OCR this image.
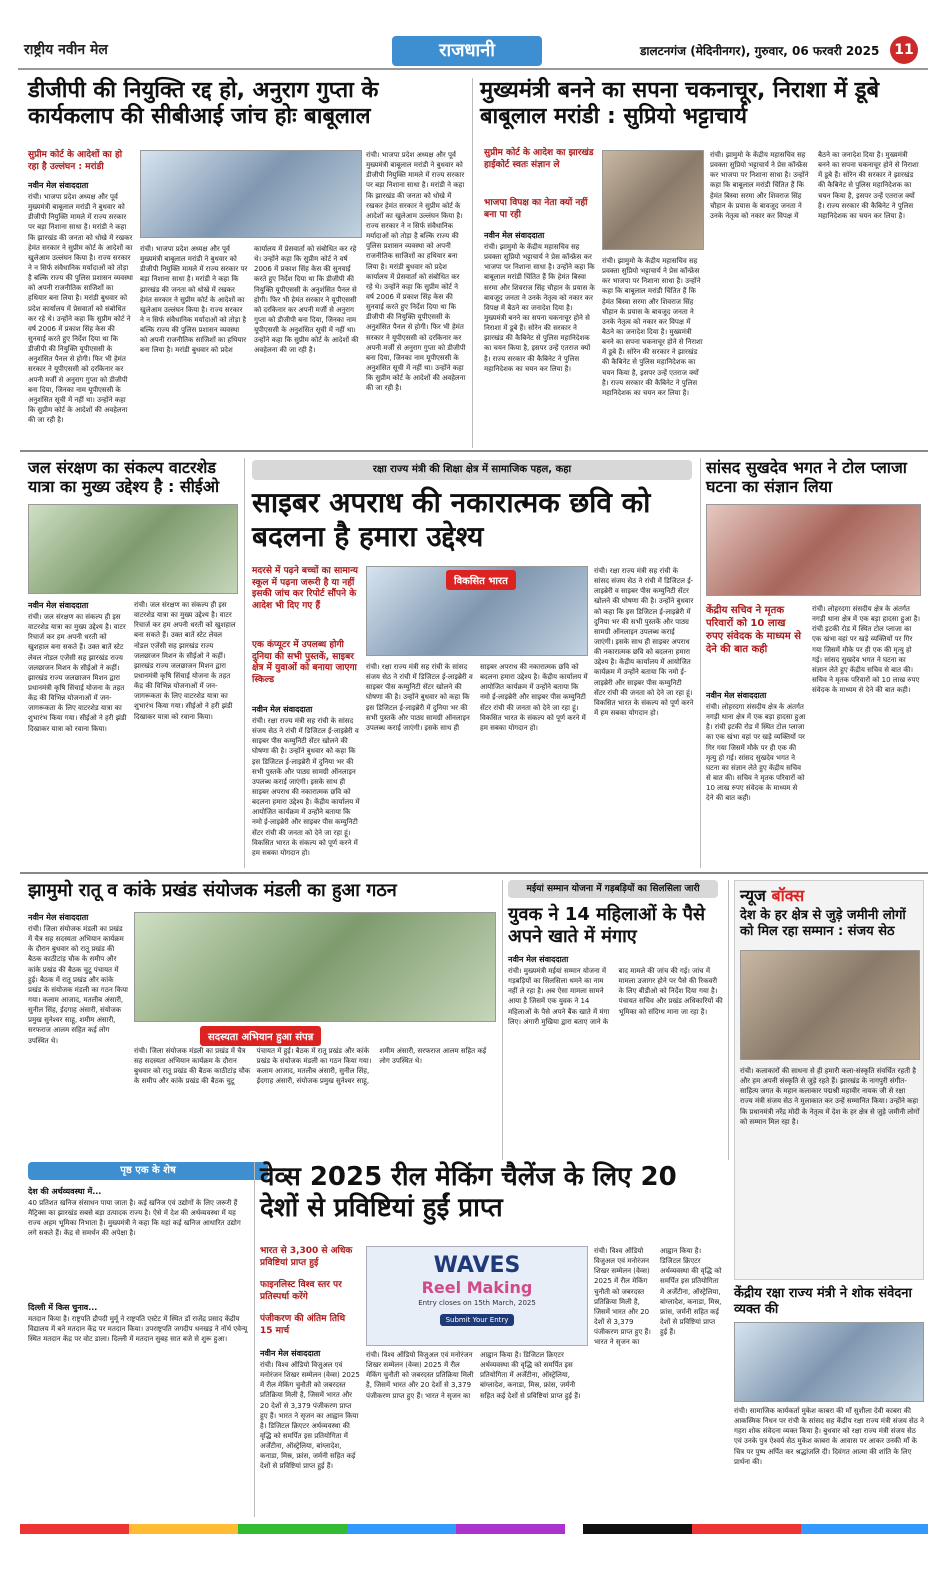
राष्ट्रीय नवीन मेल	राजधानी	डालटनगंज (मेदिनीनगर), गुरुवार, 06 फरवरी 2025	11
डीजीपी की नियुक्ति रद्द हो, अनुराग गुप्ता के कार्यकलाप की सीबीआई जांच होः बाबूलाल
सुप्रीम कोर्ट के आदेशों का हो रहा है उल्लंघन : मरांडी
नवीन मेल संवाददाता
रांची। भाजपा प्रदेश अध्यक्ष और पूर्व मुख्यमंत्री बाबूलाल मरांडी ने बुधवार को डीजीपी नियुक्ति मामले में राज्य सरकार पर बड़ा निशाना साधा है। मरांडी ने कहा कि झारखंड की जनता को धोखे में रखकर हेमंत सरकार ने सुप्रीम कोर्ट के आदेशों का खुलेआम उल्लंघन किया है। राज्य सरकार ने न सिर्फ संवैधानिक मर्यादाओं को तोड़ा है बल्कि राज्य की पुलिस प्रशासन व्यवस्था को अपनी राजनीतिक साजिशों का हथियार बना लिया है। मरांडी बुधवार को प्रदेश कार्यालय में प्रेसवार्ता को संबोधित कर रहे थे। उन्होंने कहा कि सुप्रीम कोर्ट ने वर्ष 2006 में प्रकाश सिंह केस की सुनवाई करते हुए निर्देश दिया था कि डीजीपी की नियुक्ति यूपीएससी के अनुशंसित पैनल से होगी। फिर भी हेमंत सरकार ने यूपीएससी को दरकिनार कर अपनी मर्जी से अनुराग गुप्ता को डीजीपी बना दिया, जिनका नाम यूपीएससी के अनुशंसित सूची में नहीं था। उन्होंने कहा कि सुप्रीम कोर्ट के आदेशों की अवहेलना की जा रही है।
रांची। भाजपा प्रदेश अध्यक्ष और पूर्व मुख्यमंत्री बाबूलाल मरांडी ने बुधवार को डीजीपी नियुक्ति मामले में राज्य सरकार पर बड़ा निशाना साधा है। मरांडी ने कहा कि झारखंड की जनता को धोखे में रखकर हेमंत सरकार ने सुप्रीम कोर्ट के आदेशों का खुलेआम उल्लंघन किया है। राज्य सरकार ने न सिर्फ संवैधानिक मर्यादाओं को तोड़ा है बल्कि राज्य की पुलिस प्रशासन व्यवस्था को अपनी राजनीतिक साजिशों का हथियार बना लिया है। मरांडी बुधवार को प्रदेश कार्यालय में प्रेसवार्ता को संबोधित कर रहे थे। उन्होंने कहा कि सुप्रीम कोर्ट ने वर्ष 2006 में प्रकाश सिंह केस की सुनवाई करते हुए निर्देश दिया था कि डीजीपी की नियुक्ति यूपीएससी के अनुशंसित पैनल से होगी। फिर भी हेमंत सरकार ने यूपीएससी को दरकिनार कर अपनी मर्जी से अनुराग गुप्ता को डीजीपी बना दिया, जिनका नाम यूपीएससी के अनुशंसित सूची में नहीं था। उन्होंने कहा कि सुप्रीम कोर्ट के आदेशों की अवहेलना की जा रही है।
रांची। भाजपा प्रदेश अध्यक्ष और पूर्व मुख्यमंत्री बाबूलाल मरांडी ने बुधवार को डीजीपी नियुक्ति मामले में राज्य सरकार पर बड़ा निशाना साधा है। मरांडी ने कहा कि झारखंड की जनता को धोखे में रखकर हेमंत सरकार ने सुप्रीम कोर्ट के आदेशों का खुलेआम उल्लंघन किया है। राज्य सरकार ने न सिर्फ संवैधानिक मर्यादाओं को तोड़ा है बल्कि राज्य की पुलिस प्रशासन व्यवस्था को अपनी राजनीतिक साजिशों का हथियार बना लिया है। मरांडी बुधवार को प्रदेश कार्यालय में प्रेसवार्ता को संबोधित कर रहे थे। उन्होंने कहा कि सुप्रीम कोर्ट ने वर्ष 2006 में प्रकाश सिंह केस की सुनवाई करते हुए निर्देश दिया था कि डीजीपी की नियुक्ति यूपीएससी के अनुशंसित पैनल से होगी। फिर भी हेमंत सरकार ने यूपीएससी को दरकिनार कर अपनी मर्जी से अनुराग गुप्ता को डीजीपी बना दिया, जिनका नाम यूपीएससी के अनुशंसित सूची में नहीं था। उन्होंने कहा कि सुप्रीम कोर्ट के आदेशों की अवहेलना की जा रही है।
मुख्यमंत्री बनने का सपना चकनाचूर, निराशा में डूबे बाबूलाल मरांडी : सुप्रियो भट्टाचार्य
सुप्रीम कोर्ट के आदेश का झारखंड हाईकोर्ट स्वतः संज्ञान ले
भाजपा विपक्ष का नेता क्यों नहीं बना पा रही
नवीन मेल संवाददाता
रांची। झामुमो के केंद्रीय महासचिव सह प्रवक्ता सुप्रियो भट्टाचार्य ने प्रेस कॉन्फ्रेंस कर भाजपा पर निशाना साधा है। उन्होंने कहा कि बाबूलाल मरांडी चिंतित हैं कि हेमंत बिस्वा सरमा और शिवराज सिंह चौहान के प्रयास के बावजूद जनता ने उनके नेतृत्व को नकार कर विपक्ष में बैठने का जनादेश दिया है। मुख्यमंत्री बनने का सपना चकनाचूर होने से निराशा में डूबे हैं। सोरेन की सरकार ने झारखंड की कैबिनेट से पुलिस महानिदेशक का चयन किया है, इसपर उन्हें एतराज क्यों है। राज्य सरकार की कैबिनेट ने पुलिस महानिदेशक का चयन कर लिया है।
रांची। झामुमो के केंद्रीय महासचिव सह प्रवक्ता सुप्रियो भट्टाचार्य ने प्रेस कॉन्फ्रेंस कर भाजपा पर निशाना साधा है। उन्होंने कहा कि बाबूलाल मरांडी चिंतित हैं कि हेमंत बिस्वा सरमा और शिवराज सिंह चौहान के प्रयास के बावजूद जनता ने उनके नेतृत्व को नकार कर विपक्ष में बैठने का जनादेश दिया है। मुख्यमंत्री बनने का सपना चकनाचूर होने से निराशा में डूबे हैं। सोरेन की सरकार ने झारखंड की कैबिनेट से पुलिस महानिदेशक का चयन किया है, इसपर उन्हें एतराज क्यों है। राज्य सरकार की कैबिनेट ने पुलिस महानिदेशक का चयन कर लिया है।
रांची। झामुमो के केंद्रीय महासचिव सह प्रवक्ता सुप्रियो भट्टाचार्य ने प्रेस कॉन्फ्रेंस कर भाजपा पर निशाना साधा है। उन्होंने कहा कि बाबूलाल मरांडी चिंतित हैं कि हेमंत बिस्वा सरमा और शिवराज सिंह चौहान के प्रयास के बावजूद जनता ने उनके नेतृत्व को नकार कर विपक्ष में बैठने का जनादेश दिया है। मुख्यमंत्री बनने का सपना चकनाचूर होने से निराशा में डूबे हैं। सोरेन की सरकार ने झारखंड की कैबिनेट से पुलिस महानिदेशक का चयन किया है, इसपर उन्हें एतराज क्यों है। राज्य सरकार की कैबिनेट ने पुलिस महानिदेशक का चयन कर लिया है।
जल संरक्षण का संकल्प वाटरशेड यात्रा का मुख्य उद्देश्य है : सीईओ
नवीन मेल संवाददाता
रांची। जल संरक्षण का संकल्प ही इस वाटरशेड यात्रा का मुख्य उद्देश्य है। वाटर रिचार्ज कर हम अपनी धरती को खुशहाल बना सकते हैं। उक्त बातें स्टेट लेवल नोडल एजेंसी सह झारखंड राज्य जलछाजन मिशन के सीईओ ने कहीं। झारखंड राज्य जलछाजन मिशन द्वारा प्रधानमंत्री कृषि सिंचाई योजना के तहत केंद्र की विभिन्न योजनाओं में जन-जागरूकता के लिए वाटरशेड यात्रा का शुभारंभ किया गया। सीईओ ने हरी झंडी दिखाकर यात्रा को रवाना किया।
रांची। जल संरक्षण का संकल्प ही इस वाटरशेड यात्रा का मुख्य उद्देश्य है। वाटर रिचार्ज कर हम अपनी धरती को खुशहाल बना सकते हैं। उक्त बातें स्टेट लेवल नोडल एजेंसी सह झारखंड राज्य जलछाजन मिशन के सीईओ ने कहीं। झारखंड राज्य जलछाजन मिशन द्वारा प्रधानमंत्री कृषि सिंचाई योजना के तहत केंद्र की विभिन्न योजनाओं में जन-जागरूकता के लिए वाटरशेड यात्रा का शुभारंभ किया गया। सीईओ ने हरी झंडी दिखाकर यात्रा को रवाना किया।
रक्षा राज्य मंत्री की शिक्षा क्षेत्र में सामाजिक पहल, कहा
साइबर अपराध की नकारात्मक छवि को बदलना है हमारा उद्देश्य
मदरसे में पढ़ने बच्चों का सामान्य स्कूल में पढ़ना जरूरी है या नहीं इसकी जांच कर रिपोर्ट सौंपने के आदेश भी दिए गए हैं
एक कंप्यूटर में उपलब्ध होगी दुनिया की सभी पुस्तकें, साइबर क्षेत्र में युवाओं को बनाया जाएगा स्किल्ड
विकसित भारत
नवीन मेल संवाददाता
रांची। रक्षा राज्य मंत्री सह रांची के सांसद संजय सेठ ने रांची में डिजिटल ई-लाइब्रेरी व साइबर पीस कम्युनिटी सेंटर खोलने की घोषणा की है। उन्होंने बुधवार को कहा कि इस डिजिटल ई-लाइब्रेरी में दुनिया भर की सभी पुस्तकें और पाठ्य सामग्री ऑनलाइन उपलब्ध कराई जाएंगी। इसके साथ ही साइबर अपराध की नकारात्मक छवि को बदलना हमारा उद्देश्य है। केंद्रीय कार्यालय में आयोजित कार्यक्रम में उन्होंने बताया कि नमो ई-लाइब्रेरी और साइबर पीस कम्युनिटी सेंटर रांची की जनता को देने जा रहा हूं। विकसित भारत के संकल्प को पूर्ण करने में हम सबका योगदान हो।
रांची। रक्षा राज्य मंत्री सह रांची के सांसद संजय सेठ ने रांची में डिजिटल ई-लाइब्रेरी व साइबर पीस कम्युनिटी सेंटर खोलने की घोषणा की है। उन्होंने बुधवार को कहा कि इस डिजिटल ई-लाइब्रेरी में दुनिया भर की सभी पुस्तकें और पाठ्य सामग्री ऑनलाइन उपलब्ध कराई जाएंगी। इसके साथ ही साइबर अपराध की नकारात्मक छवि को बदलना हमारा उद्देश्य है। केंद्रीय कार्यालय में आयोजित कार्यक्रम में उन्होंने बताया कि नमो ई-लाइब्रेरी और साइबर पीस कम्युनिटी सेंटर रांची की जनता को देने जा रहा हूं। विकसित भारत के संकल्प को पूर्ण करने में हम सबका योगदान हो।
रांची। रक्षा राज्य मंत्री सह रांची के सांसद संजय सेठ ने रांची में डिजिटल ई-लाइब्रेरी व साइबर पीस कम्युनिटी सेंटर खोलने की घोषणा की है। उन्होंने बुधवार को कहा कि इस डिजिटल ई-लाइब्रेरी में दुनिया भर की सभी पुस्तकें और पाठ्य सामग्री ऑनलाइन उपलब्ध कराई जाएंगी। इसके साथ ही साइबर अपराध की नकारात्मक छवि को बदलना हमारा उद्देश्य है। केंद्रीय कार्यालय में आयोजित कार्यक्रम में उन्होंने बताया कि नमो ई-लाइब्रेरी और साइबर पीस कम्युनिटी सेंटर रांची की जनता को देने जा रहा हूं। विकसित भारत के संकल्प को पूर्ण करने में हम सबका योगदान हो।
सांसद सुखदेव भगत ने टोल प्लाजा घटना का संज्ञान लिया
केंद्रीय सचिव ने मृतक परिवारों को 10 लाख रुपए संवेदक के माध्यम से देने की बात कही
नवीन मेल संवाददाता
रांची। लोहरदगा संसदीय क्षेत्र के अंतर्गत नगड़ी थाना क्षेत्र में एक बड़ा हादसा हुआ है। रांची इटकी रोड में स्थित टोल प्लाजा का एक खंभा वहां पर खड़े व्यक्तियों पर गिर गया जिसमें मौके पर ही एक की मृत्यु हो गई। सांसद सुखदेव भगत ने घटना का संज्ञान लेते हुए केंद्रीय सचिव से बात की। सचिव ने मृतक परिवारों को 10 लाख रुपए संवेदक के माध्यम से देने की बात कही।
रांची। लोहरदगा संसदीय क्षेत्र के अंतर्गत नगड़ी थाना क्षेत्र में एक बड़ा हादसा हुआ है। रांची इटकी रोड में स्थित टोल प्लाजा का एक खंभा वहां पर खड़े व्यक्तियों पर गिर गया जिसमें मौके पर ही एक की मृत्यु हो गई। सांसद सुखदेव भगत ने घटना का संज्ञान लेते हुए केंद्रीय सचिव से बात की। सचिव ने मृतक परिवारों को 10 लाख रुपए संवेदक के माध्यम से देने की बात कही।
झामुमो रातू व कांके प्रखंड संयोजक मंडली का हुआ गठन
नवीन मेल संवाददाता
रांची। जिला संयोजक मंडली का प्रखंड में चैत्र सह सदस्यता अभियान कार्यक्रम के दौरान बुधवार को रातू प्रखंड की बैठक काठीटांड़ चौक के समीप और कांके प्रखंड की बैठक चुटू पंचायत में हुई। बैठक में रातू प्रखंड और कांके प्रखंड के संयोजक मंडली का गठन किया गया। कलाम आजाद, मतलीब अंसारी, सुनील सिंह, ईदगाह अंसारी, संयोजक प्रमुख सुनेश्वर साहू, शमीम अंसारी, सरफराज आलम सहित कई लोग उपस्थित थे।	सदस्यता अभियान हुआ संपन्न
रांची। जिला संयोजक मंडली का प्रखंड में चैत्र सह सदस्यता अभियान कार्यक्रम के दौरान बुधवार को रातू प्रखंड की बैठक काठीटांड़ चौक के समीप और कांके प्रखंड की बैठक चुटू पंचायत में हुई। बैठक में रातू प्रखंड और कांके प्रखंड के संयोजक मंडली का गठन किया गया। कलाम आजाद, मतलीब अंसारी, सुनील सिंह, ईदगाह अंसारी, संयोजक प्रमुख सुनेश्वर साहू, शमीम अंसारी, सरफराज आलम सहित कई लोग उपस्थित थे।
मईयां सम्मान योजना में गड़बड़ियों का सिलसिला जारी
युवक ने 14 महिलाओं के पैसे अपने खाते में मंगाए
नवीन मेल संवाददाता
रांची। मुख्यमंत्री मईयां सम्मान योजना में गड़बड़ियों का सिलसिला थमने का नाम नहीं ले रहा है। अब ऐसा मामला सामने आया है जिसमें एक युवक ने 14 महिलाओं के पैसे अपने बैंक खाते में मंगा लिए। अंगारी मुखिया द्वारा बताए जाने के बाद मामले की जांच की गई। जांच में मामला उजागर होने पर पैसे की रिकवरी के लिए बीडीओ को निर्देश दिया गया है। पंचायत सचिव और प्रखंड अधिकारियों की भूमिका को संदिग्ध माना जा रहा है।
न्यूज बॉक्स
देश के हर क्षेत्र से जुड़े जमीनी लोगों को मिल रहा सम्मान : संजय सेठ
रांची। कलाकारों की साधना से ही हमारी कला-संस्कृति संवर्धित रहती है और हम अपनी संस्कृति से जुड़े रहते हैं। झारखंड के नागपुरी संगीत-साहित्य जगत के महान कलाकार पद्मश्री महावीर नायक जी से रक्षा राज्य मंत्री संजय सेठ ने मुलाकात कर उन्हें सम्मानित किया। उन्होंने कहा कि प्रधानमंत्री नरेंद्र मोदी के नेतृत्व में देश के हर क्षेत्र से जुड़े जमीनी लोगों को सम्मान मिल रहा है।
पृष्ठ एक के शेष
देश की अर्थव्यवस्था में...
40 प्रतिशत खनिज संसाधन पाया जाता है। कई खनिज एवं उद्योगों के लिए जरूरी हैं मैट्रिक्स का झारखंड सबसे बड़ा उत्पादक राज्य है। ऐसे में देश की अर्थव्यवस्था में यह राज्य अहम भूमिका निभाता है। मुख्यमंत्री ने कहा कि यहां कई खनिज आधारित उद्योग लगे सकते हैं। केंद्र से समर्थन की अपेक्षा है।
दिल्ली में किस चुनाव...
मतदान किया है। राष्ट्रपति द्रौपदी मुर्मू ने राष्ट्रपति एस्टेट में स्थित डॉ राजेंद्र प्रसाद केंद्रीय विद्यालय में बने मतदान केंद्र पर मतदान किया। उपराष्ट्रपति जगदीप धनखड़ ने नॉर्थ एवेन्यू स्थित मतदान केंद्र पर वोट डाला। दिल्ली में मतदान सुबह सात बजे से शुरू हुआ।
वेव्स 2025 रील मेकिंग चैलेंज के लिए 20 देशों से प्रविष्टियां हुईं प्राप्त
भारत से 3,300 से अधिक प्रविष्टियां प्राप्त हुई
फाइनलिस्ट विश्व स्तर पर प्रतिस्पर्धा करेंगे
पंजीकरण की अंतिम तिथि 15 मार्च
नवीन मेल संवाददाता
रांची। विश्व ऑडियो विजुअल एवं मनोरंजन शिखर सम्मेलन (वेव्स) 2025 में रील मेकिंग चुनौती को जबरदस्त प्रतिक्रिया मिली है, जिसमें भारत और 20 देशों से 3,379 पंजीकरण प्राप्त हुए हैं। भारत ने सृजन का आह्वान किया है। डिजिटल क्रिएटर अर्थव्यवस्था की वृद्धि को समर्पित इस प्रतियोगिता में अर्जेंटीना, ऑस्ट्रेलिया, बांग्लादेश, कनाडा, मिस्र, फ्रांस, जर्मनी सहित कई देशों से प्रविष्टियां प्राप्त हुई हैं।
WAVES
Reel Making
Entry closes on 15th March, 2025
Submit Your Entry
रांची। विश्व ऑडियो विजुअल एवं मनोरंजन शिखर सम्मेलन (वेव्स) 2025 में रील मेकिंग चुनौती को जबरदस्त प्रतिक्रिया मिली है, जिसमें भारत और 20 देशों से 3,379 पंजीकरण प्राप्त हुए हैं। भारत ने सृजन का आह्वान किया है। डिजिटल क्रिएटर अर्थव्यवस्था की वृद्धि को समर्पित इस प्रतियोगिता में अर्जेंटीना, ऑस्ट्रेलिया, बांग्लादेश, कनाडा, मिस्र, फ्रांस, जर्मनी सहित कई देशों से प्रविष्टियां प्राप्त हुई हैं।
रांची। विश्व ऑडियो विजुअल एवं मनोरंजन शिखर सम्मेलन (वेव्स) 2025 में रील मेकिंग चुनौती को जबरदस्त प्रतिक्रिया मिली है, जिसमें भारत और 20 देशों से 3,379 पंजीकरण प्राप्त हुए हैं। भारत ने सृजन का आह्वान किया है। डिजिटल क्रिएटर अर्थव्यवस्था की वृद्धि को समर्पित इस प्रतियोगिता में अर्जेंटीना, ऑस्ट्रेलिया, बांग्लादेश, कनाडा, मिस्र, फ्रांस, जर्मनी सहित कई देशों से प्रविष्टियां प्राप्त हुई हैं।
केंद्रीय रक्षा राज्य मंत्री ने शोक संवेदना व्यक्त की
रांची। सामाजिक कार्यकर्ता मुकेश काबरा की माँ सुशीला देवी काबरा की आकस्मिक निधन पर रांची के सांसद सह केंद्रीय रक्षा राज्य मंत्री संजय सेठ ने गहरा शोक संवेदना व्यक्त किया है। बुधवार को रक्षा राज्य मंत्री संजय सेठ एवं उनके पुत्र ऐश्वर्य सेठ मुकेश काबरा के आवास पर आकर उनकी माँ के चित्र पर पुष्प अर्पित कर श्रद्धांजलि दी। दिवंगत आत्मा की शांति के लिए प्रार्थना की।
